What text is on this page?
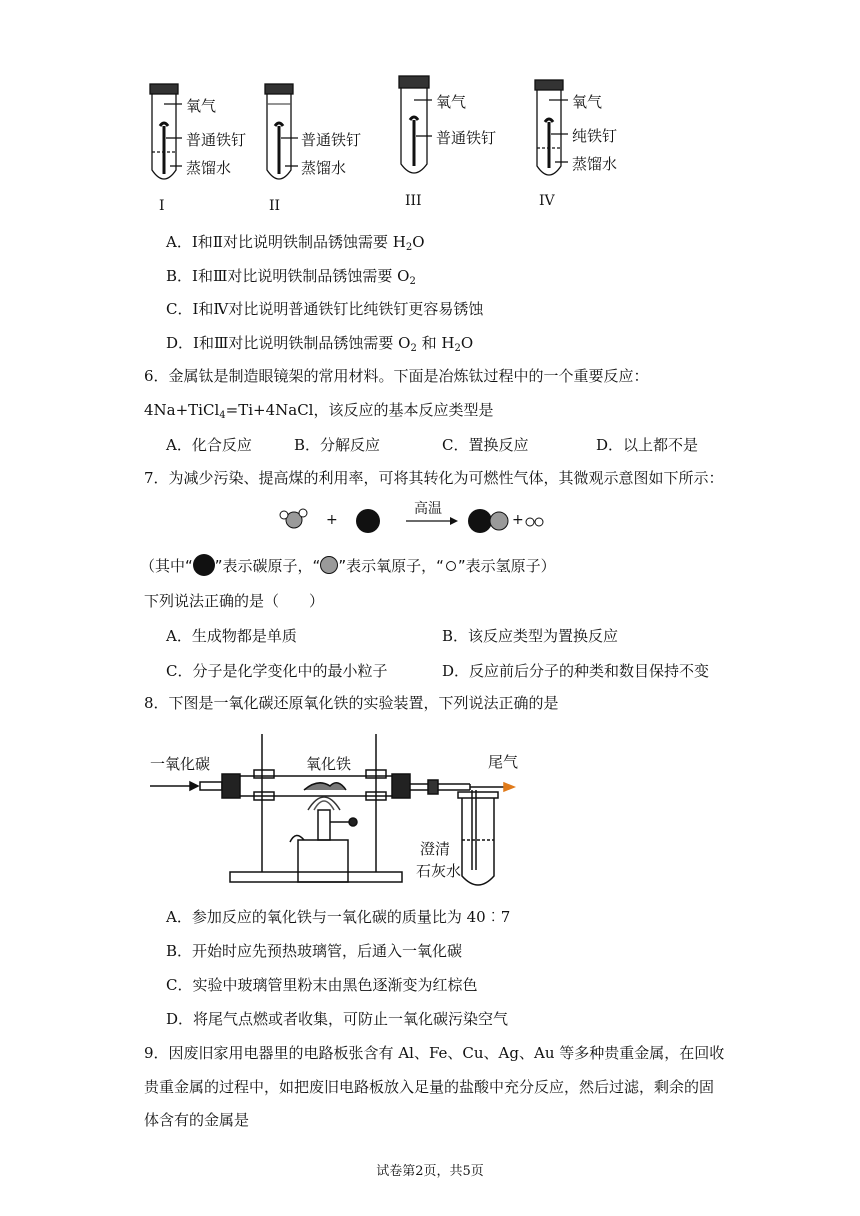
氧气
普通铁钉
蒸馏水
普通铁钉
蒸馏水
氧气
普通铁钉
氧气
纯铁钉
蒸馏水
I	II	III	IV
A．Ⅰ和Ⅱ对比说明铁制品锈蚀需要 $H_2O$
B．Ⅰ和Ⅲ对比说明铁制品锈蚀需要 $O_2$
C．Ⅰ和Ⅳ对比说明普通铁钉比纯铁钉更容易锈蚀
D．Ⅰ和Ⅲ对比说明铁制品锈蚀需要 $O_2$ 和 $H_2O$
6．金属钛是制造眼镜架的常用材料。下面是冶炼钛过程中的一个重要反应：
4Na+TiCl$_4$=Ti+4NaCl，该反应的基本反应类型是
A．化合反应	B．分解反应	C．置换反应	D．以上都不是
7．为减少污染、提高煤的利用率，可将其转化为可燃性气体，其微观示意图如下所示：
+	+
高温
（其中“ ”表示碳原子，“ ”表示氧原子，“ ”表示氢原子）
下列说法正确的是（　　）
A．生成物都是单质	B．该反应类型为置换反应
C．分子是化学变化中的最小粒子	D．反应前后分子的种类和数目保持不变
8．下图是一氧化碳还原氧化铁的实验装置，下列说法正确的是
一氧化碳	氧化铁	尾气
澄清
石灰水
A．参加反应的氧化铁与一氧化碳的质量比为 40︰7
B．开始时应先预热玻璃管，后通入一氧化碳
C．实验中玻璃管里粉末由黑色逐渐变为红棕色
D．将尾气点燃或者收集，可防止一氧化碳污染空气
9．因废旧家用电器里的电路板张含有 Al、Fe、Cu、Ag、Au 等多种贵重金属，在回收
贵重金属的过程中，如把废旧电路板放入足量的盐酸中充分反应，然后过滤，剩余的固
体含有的金属是
试卷第2页，共5页
